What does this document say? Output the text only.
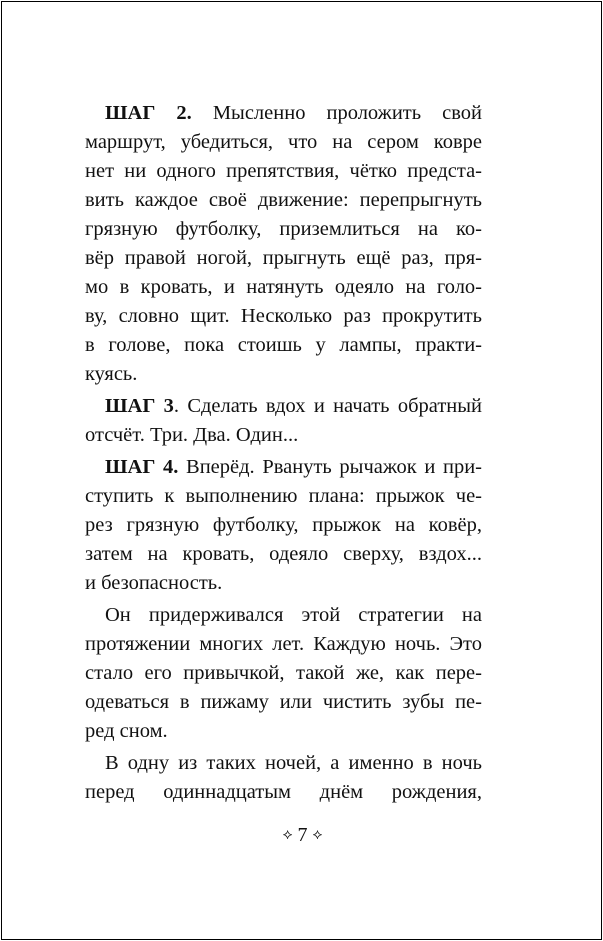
ШАГ 2. Мысленно проложить свой
маршрут, убедиться, что на сером ковре
нет ни одного препятствия, чётко предста-
вить каждое своё движение: перепрыгнуть
грязную футболку, приземлиться на ко-
вёр правой ногой, прыгнуть ещё раз, пря-
мо в кровать, и натянуть одеяло на голо-
ву, словно щит. Несколько раз прокрутить
в голове, пока стоишь у лампы, практи-
куясь.
ШАГ 3. Сделать вдох и начать обратный
отсчёт. Три. Два. Один...
ШАГ 4. Вперёд. Рвануть рычажок и при-
ступить к выполнению плана: прыжок че-
рез грязную футболку, прыжок на ковёр,
затем на кровать, одеяло сверху, вздох...
и безопасность.
Он придерживался этой стратегии на
протяжении многих лет. Каждую ночь. Это
стало его привычкой, такой же, как пере-
одеваться в пижаму или чистить зубы пе-
ред сном.
В одну из таких ночей, а именно в ночь
перед одиннадцатым днём рождения,
⟡ 7 ⟡
